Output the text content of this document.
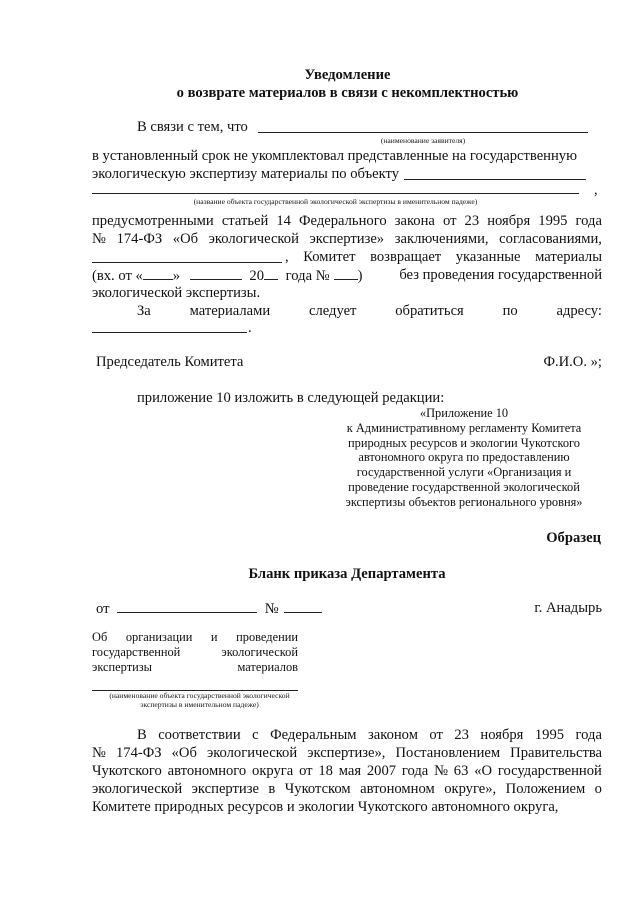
Уведомление
о возврате материалов в связи с некомплектностью
В связи с тем, что
(наименование заявителя)
в установленный срок не укомплектовал представленные на государственную
экологическую экспертизу материалы по объекту
,
(название объекта государственной экологической экспертизы в именительном падеже)
предусмотренными статьей 14 Федерального закона от 23 ноября 1995 года
№ 174-ФЗ «Об экологической экспертизе» заключениями, согласованиями,
, Комитет возвращает указанные материалы
(вх. от « »	20 года № )	без проведения государственной
экологической экспертизы.
За	материалами	следует	обратиться	по	адресу:
.
Председатель Комитета	Ф.И.О. »;
приложение 10 изложить в следующей редакции:
«Приложение 10
к Административному регламенту Комитета
природных ресурсов и экологии Чукотского
автономного округа по предоставлению
государственной услуги «Организация и
проведение государственной экологической
экспертизы объектов регионального уровня»
Образец
Бланк приказа Департамента
от	№	г. Анадырь
Об организации и проведении
государственной	экологической
экспертизы	материалов
(наименование объекта государственной экологической
экспертизы в именительном падеже)
В соответствии с Федеральным законом от 23 ноября 1995 года
№ 174-ФЗ «Об экологической экспертизе», Постановлением Правительства
Чукотского автономного округа от 18 мая 2007 года № 63 «О государственной
экологической экспертизе в Чукотском автономном округе», Положением о
Комитете природных ресурсов и экологии Чукотского автономного округа,
